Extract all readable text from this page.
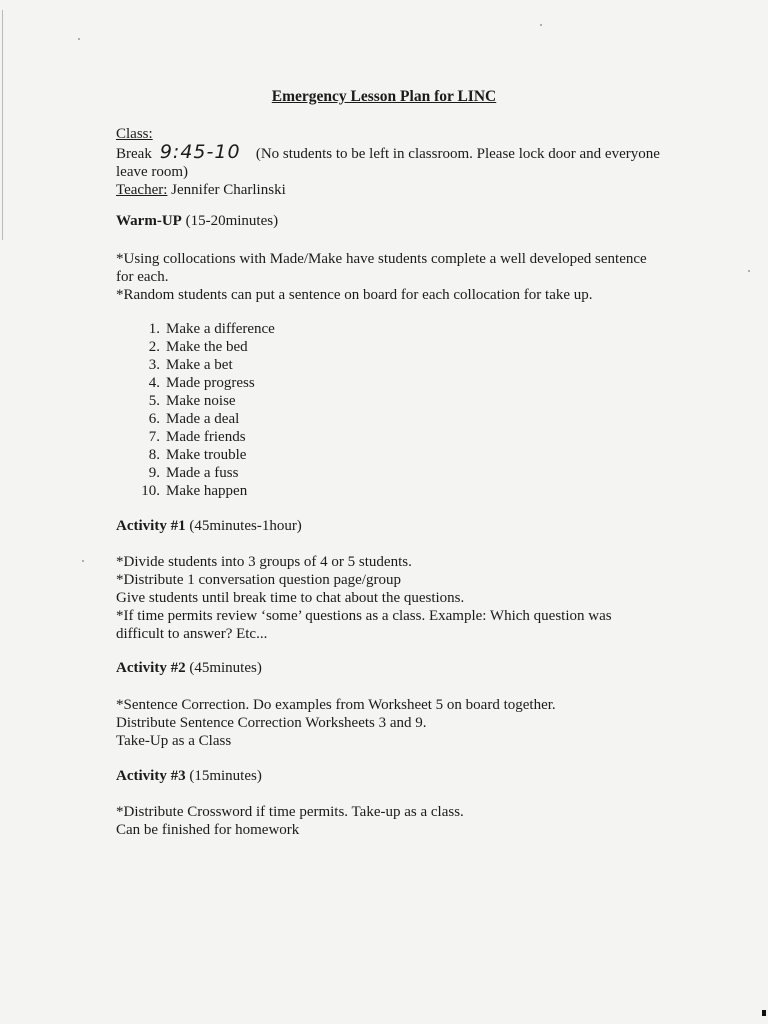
Emergency Lesson Plan for LINC
Class:
Break 9:45-10 (No students to be left in classroom. Please lock door and everyone
leave room)
Teacher: Jennifer Charlinski
Warm-UP (15-20minutes)
*Using collocations with Made/Make have students complete a well developed sentence
for each.
*Random students can put a sentence on board for each collocation for take up.
1. Make a difference
2. Make the bed
3. Make a bet
4. Made progress
5. Make noise
6. Made a deal
7. Made friends
8. Make trouble
9. Made a fuss
10. Make happen
Activity #1 (45minutes-1hour)
*Divide students into 3 groups of 4 or 5 students.
*Distribute 1 conversation question page/group
Give students until break time to chat about the questions.
*If time permits review ‘some’ questions as a class. Example: Which question was
difficult to answer? Etc...
Activity #2 (45minutes)
*Sentence Correction. Do examples from Worksheet 5 on board together.
Distribute Sentence Correction Worksheets 3 and 9.
Take-Up as a Class
Activity #3 (15minutes)
*Distribute Crossword if time permits. Take-up as a class.
Can be finished for homework
